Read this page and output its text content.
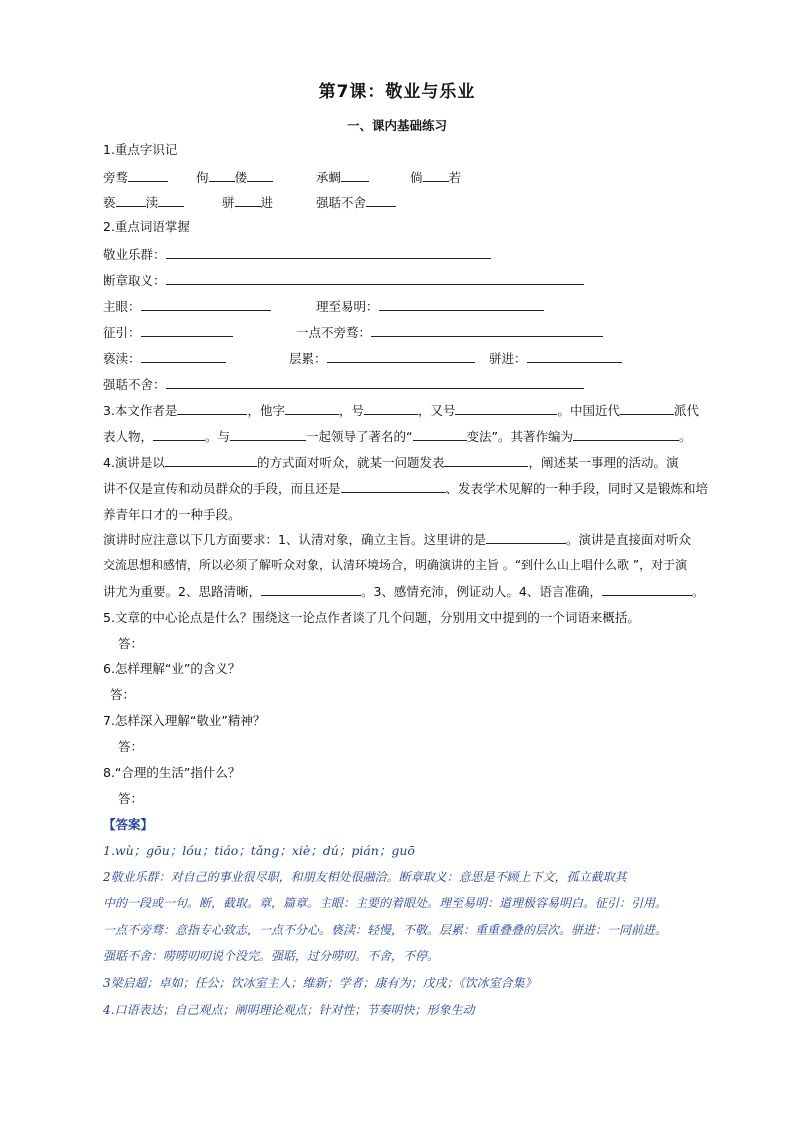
第7课：敬业与乐业
一、课内基础练习
1.重点字识记
旁骛	佝 偻	承蜩	倘 若
亵 渎	骈 进	强聒不舍
2.重点词语掌握
敬业乐群：
断章取义：
主眼：	理至易明：
征引：	一点不旁骛：
亵渎：	层累：	骈进：
强聒不舍：
3.本文作者是	，他字	，号	，又号	。中国近代	派代
表人物，	。与	一起领导了著名的“	变法”。其著作编为	。
4.演讲是以	的方式面对听众，就某一问题发表	，阐述某一事理的活动。演
讲不仅是宣传和动员群众的手段，而且还是	、发表学术见解的一种手段，同时又是锻炼和培
养青年口才的一种手段。
演讲时应注意以下几方面要求：1、认清对象，确立主旨。这里讲的是	。演讲是直接面对听众
交流思想和感情，所以必须了解听众对象，认清环境场合，明确演讲的主旨 。“到什么山上唱什么歌 ”，对于演
讲尤为重要。2、思路清晰，	。3、感情充沛，例证动人。4、语言准确，	。
5.文章的中心论点是什么？围绕这一论点作者谈了几个问题，分别用文中提到的一个词语来概括。
答：
6.怎样理解“业”的含义？
答：
7.怎样深入理解“敬业”精神？
答：
8.“合理的生活”指什么？
答：
【答案】
1.wù；gōu；lóu；tiáo；tǎng；xiè；dú；pián；guō
2敬业乐群：对自己的事业很尽职，和朋友相处很融洽。断章取义：意思是不顾上下文，孤立截取其
中的一段或一句。断，截取。章，篇章。主眼：主要的着眼处。理至易明：道理极容易明白。征引：引用。
一点不旁骛：意指专心致志，一点不分心。亵渎：轻慢，不敬。层累：重重叠叠的层次。骈进：一同前进。
强聒不舍：唠唠叨叨说个没完。强聒，过分唠叨。不舍，不停。
3梁启超；卓如；任公；饮冰室主人；维新；学者；康有为；戊戌；《饮冰室合集》
4.口语表达；自己观点；阐明理论观点；针对性；节奏明快；形象生动
